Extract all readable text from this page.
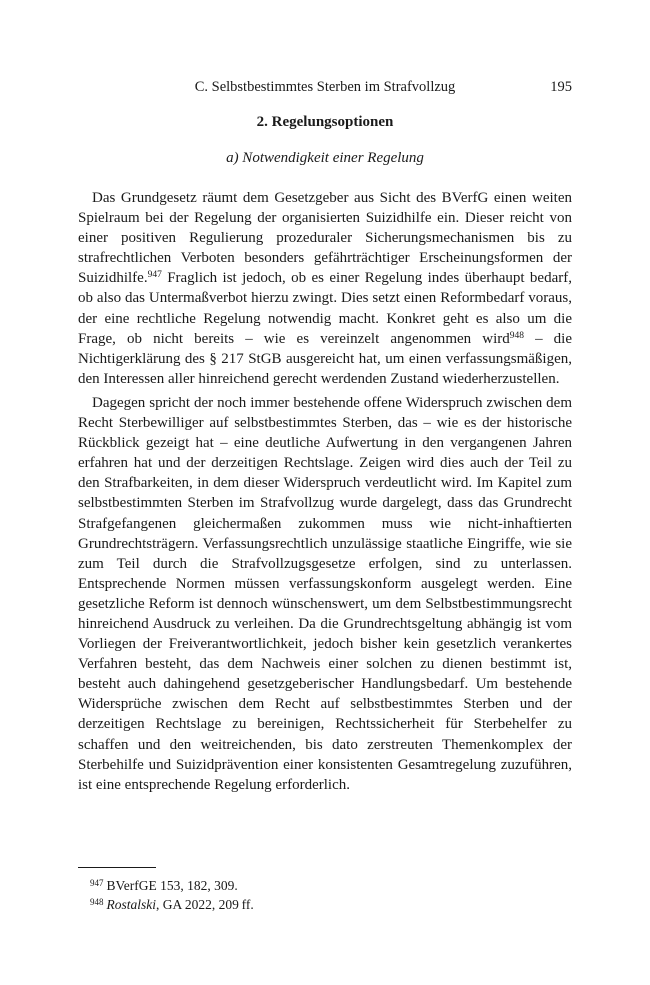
C. Selbstbestimmtes Sterben im Strafvollzug	195
2. Regelungsoptionen
a) Notwendigkeit einer Regelung

Das Grundgesetz räumt dem Gesetzgeber aus Sicht des BVerfG einen weiten Spielraum bei der Regelung der organisierten Suizidhilfe ein. Dieser reicht von einer positiven Regulierung prozeduraler Sicherungsmechanismen bis zu strafrechtlichen Verboten besonders gefährträchtiger Erscheinungsformen der Suizidhilfe.$^{947}$ Fraglich ist jedoch, ob es einer Regelung indes überhaupt bedarf, ob also das Untermaßverbot hierzu zwingt. Dies setzt einen Reformbedarf voraus, der eine rechtliche Regelung notwendig macht. Konkret geht es also um die Frage, ob nicht bereits – wie es vereinzelt angenommen wird$^{948}$ – die Nichtigerklärung des § 217 StGB ausgereicht hat, um einen verfassungsmäßigen, den Interessen aller hinreichend gerecht werdenden Zustand wiederherzustellen.

Dagegen spricht der noch immer bestehende offene Widerspruch zwischen dem Recht Sterbewilliger auf selbstbestimmtes Sterben, das – wie es der historische Rückblick gezeigt hat – eine deutliche Aufwertung in den vergangenen Jahren erfahren hat und der derzeitigen Rechtslage. Zeigen wird dies auch der Teil zu den Strafbarkeiten, in dem dieser Widerspruch verdeutlicht wird. Im Kapitel zum selbstbestimmten Sterben im Strafvollzug wurde dargelegt, dass das Grundrecht Strafgefangenen gleichermaßen zukommen muss wie nicht-inhaftierten Grundrechtsträgern. Verfassungsrechtlich unzulässige staatliche Eingriffe, wie sie zum Teil durch die Strafvollzugsgesetze erfolgen, sind zu unterlassen. Entsprechende Normen müssen verfassungskonform ausgelegt werden. Eine gesetzliche Reform ist dennoch wünschenswert, um dem Selbstbestimmungsrecht hinreichend Ausdruck zu verleihen. Da die Grundrechtsgeltung abhängig ist vom Vorliegen der Freiverantwortlichkeit, jedoch bisher kein gesetzlich verankertes Verfahren besteht, das dem Nachweis einer solchen zu dienen bestimmt ist, besteht auch dahingehend gesetzgeberischer Handlungsbedarf. Um bestehende Widersprüche zwischen dem Recht auf selbstbestimmtes Sterben und der derzeitigen Rechtslage zu bereinigen, Rechtssicherheit für Sterbehelfer zu schaffen und den weitreichenden, bis dato zerstreuten Themenkomplex der Sterbehilfe und Suizidprävention einer konsistenten Gesamtregelung zuzuführen, ist eine entsprechende Regelung erforderlich.

$^{947}$ BVerfGE 153, 182, 309.

$^{948}$ Rostalski, GA 2022, 209 ff.
